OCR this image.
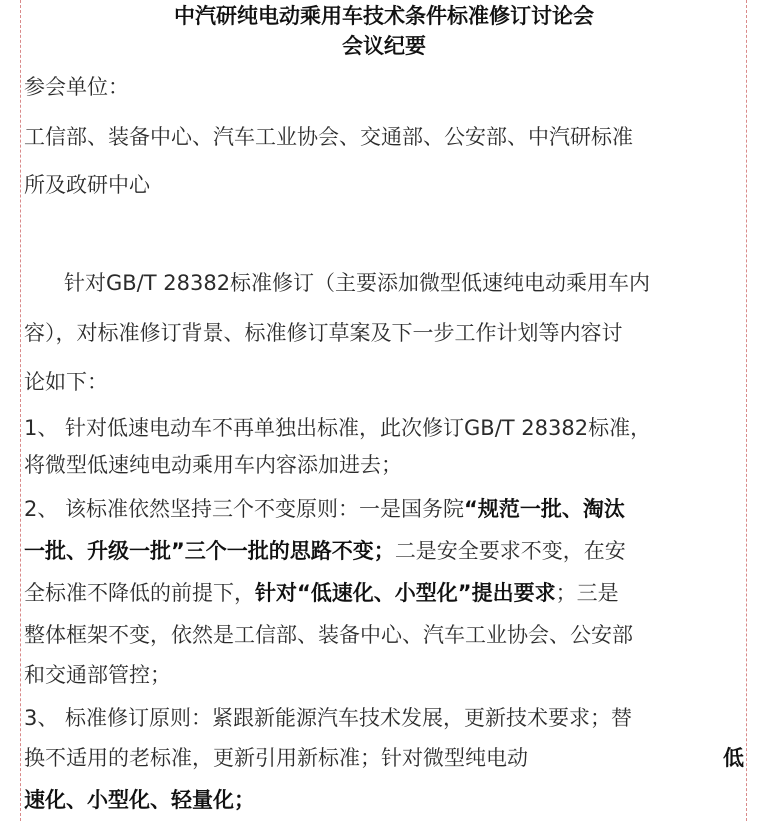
中汽研纯电动乘用车技术条件标准修订讨论会
会议纪要
参会单位：
工信部、装备中心、汽车工业协会、交通部、公安部、中汽研标准
所及政研中心
针对GB/T 28382标准修订（主要添加微型低速纯电动乘用车内
容），对标准修订背景、标准修订草案及下一步工作计划等内容讨
论如下：
1、 针对低速电动车不再单独出标准，此次修订GB/T 28382标准，
将微型低速纯电动乘用车内容添加进去；
2、 该标准依然坚持三个不变原则：一是国务院“规范一批、淘汰
一批、升级一批”三个一批的思路不变；二是安全要求不变，在安
全标准不降低的前提下，针对“低速化、小型化”提出要求；三是
整体框架不变，依然是工信部、装备中心、汽车工业协会、公安部
和交通部管控；
3、 标准修订原则：紧跟新能源汽车技术发展，更新技术要求；替
换不适用的老标准，更新引用新标准；针对微型纯电动	低
速化、小型化、轻量化；
